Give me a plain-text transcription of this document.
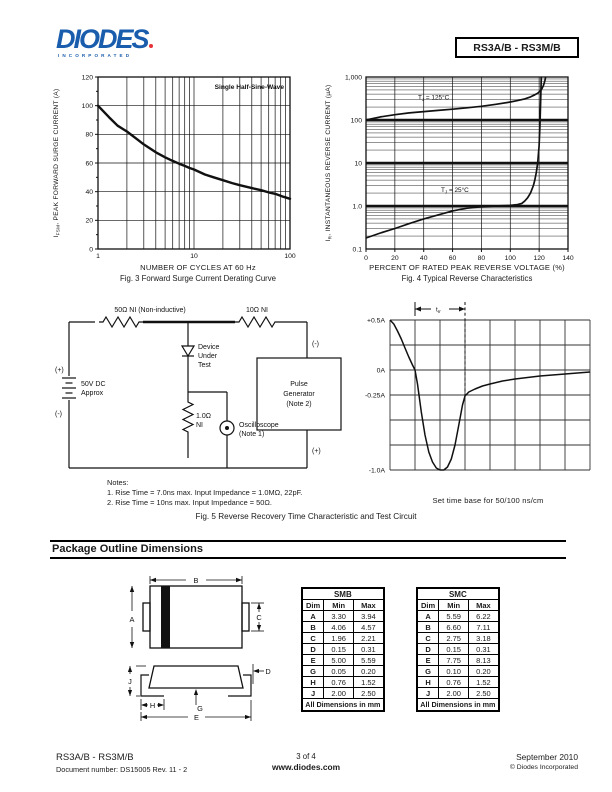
DIODES
INCORPORATED
RS3A/B - RS3M/B
0
20
40
60
80
100
120
1	10	100
Single Half-Sine-Wave
$I_{FSM}$, PEAK FORWARD SURGE CURRENT (A)
NUMBER OF CYCLES AT 60 Hz
Fig. 3 Forward Surge Current Derating Curve
0.1
1.0
10
100
1,000
0	20	40	60	80	100	120	140
$T_J = 125^\circ C$
$T_J = 25^\circ C$
$I_R$, INSTANTANEOUS REVERSE CURRENT (µA)
PERCENT OF RATED PEAK REVERSE VOLTAGE (%)
Fig. 4 Typical Reverse Characteristics
(+)
(-)
50V DC
Approx
Device
Under
Test
Oscilloscope
(Note 1)
1.0Ω
NI
Pulse
Generator
(Note 2)
(-)
(+)
50Ω NI (Non-inductive)	10Ω NI
Notes:
1. Rise Time = 7.0ns max. Input Impedance = 1.0MΩ, 22pF.
2. Rise Time = 10ns max. Input Impedance = 50Ω.
+0.5A
0A
-0.25A
-1.0A
$t_{rr}$
Set time base for 50/100 ns/cm
Fig. 5 Reverse Recovery Time Characteristic and Test Circuit
Package Outline Dimensions
B
A	C
J
D
H	G
E
SMB		
Dim	Min	Max
A	3.30	3.94
B	4.06	4.57
C	1.96	2.21
D	0.15	0.31
E	5.00	5.59
G	0.05	0.20
H	0.76	1.52
J	2.00	2.50
All Dimensions in mm		
SMC		
Dim	Min	Max
A	5.59	6.22
B	6.60	7.11
C	2.75	3.18
D	0.15	0.31
E	7.75	8.13
G	0.10	0.20
H	0.76	1.52
J	2.00	2.50
All Dimensions in mm		
RS3A/B - RS3M/B
Document number: DS15005 Rev. 11 - 2
3 of 4
www.diodes.com
September 2010
© Diodes Incorporated
